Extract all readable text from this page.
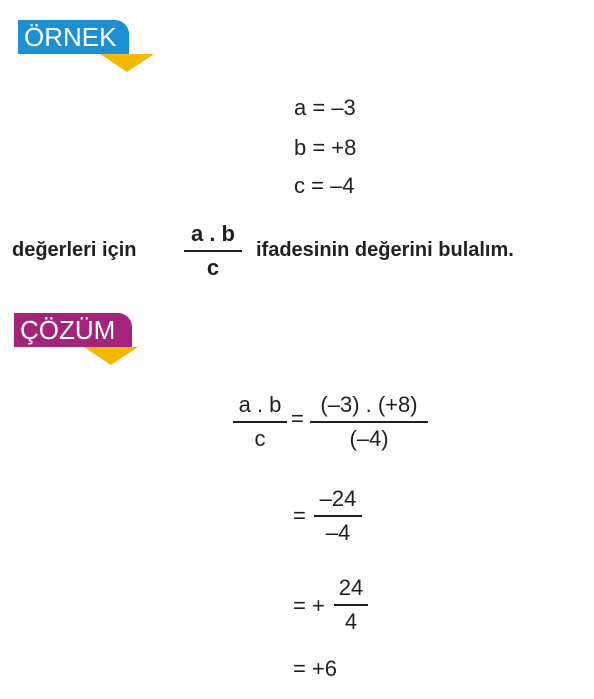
ÖRNEK
a = –3
b = +8
c = –4
değerleri için
a . b
c
ifadesinin değerini bulalım.
ÇÖZÜM
a . b
c
=
(–3) . (+8)
(–4)
=
–24
–4
= +
24
4
= +6
